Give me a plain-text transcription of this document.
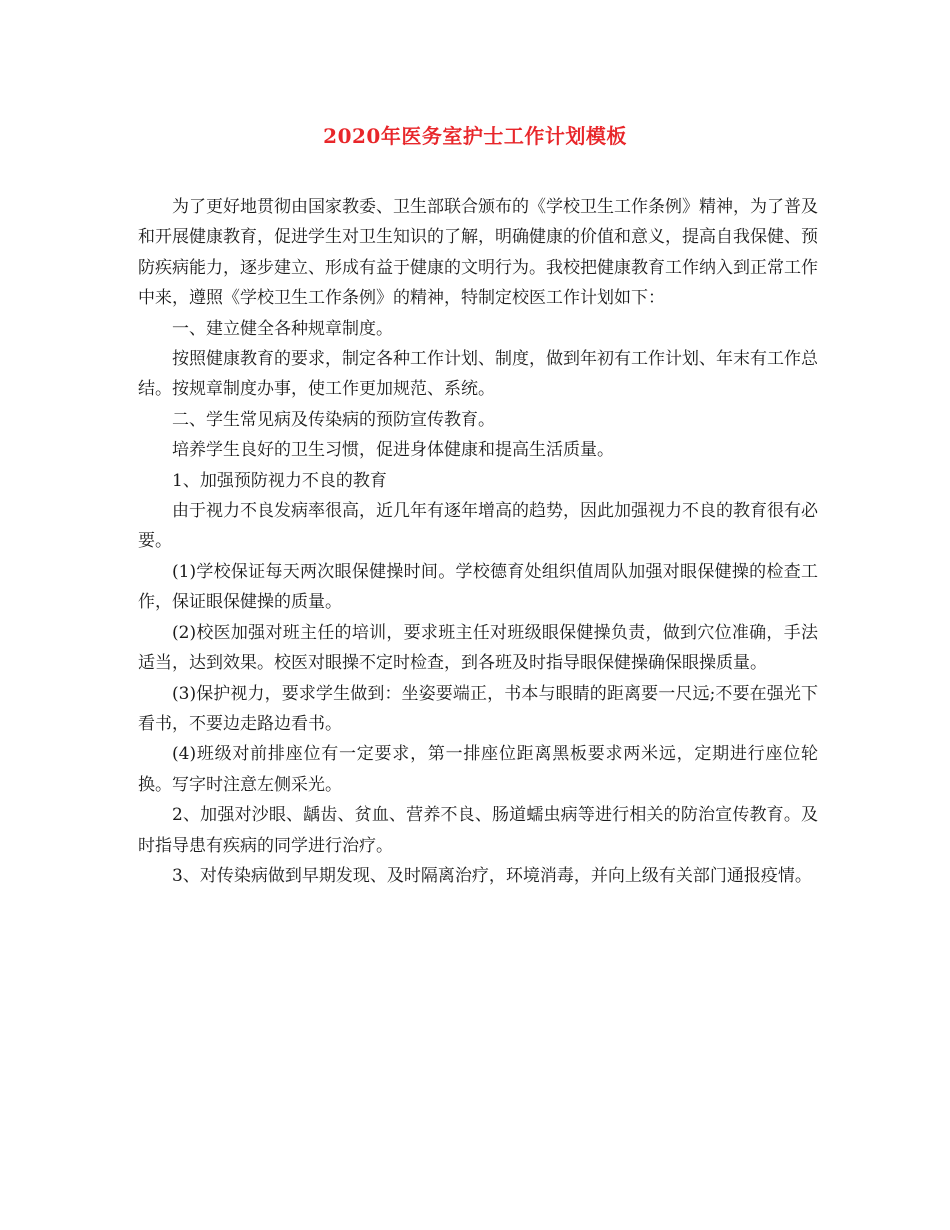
2020年医务室护士工作计划模板

为了更好地贯彻由国家教委、卫生部联合颁布的《学校卫生工作条例》精神，为了普及和开展健康教育，促进学生对卫生知识的了解，明确健康的价值和意义，提高自我保健、预防疾病能力，逐步建立、形成有益于健康的文明行为。我校把健康教育工作纳入到正常工作中来，遵照《学校卫生工作条例》的精神，特制定校医工作计划如下：

一、建立健全各种规章制度。

按照健康教育的要求，制定各种工作计划、制度，做到年初有工作计划、年末有工作总结。按规章制度办事，使工作更加规范、系统。

二、学生常见病及传染病的预防宣传教育。

培养学生良好的卫生习惯，促进身体健康和提高生活质量。

1、加强预防视力不良的教育

由于视力不良发病率很高，近几年有逐年增高的趋势，因此加强视力不良的教育很有必要。

(1)学校保证每天两次眼保健操时间。学校德育处组织值周队加强对眼保健操的检查工作，保证眼保健操的质量。

(2)校医加强对班主任的培训，要求班主任对班级眼保健操负责，做到穴位准确，手法适当，达到效果。校医对眼操不定时检查，到各班及时指导眼保健操确保眼操质量。

(3)保护视力，要求学生做到：坐姿要端正，书本与眼睛的距离要一尺远;不要在强光下看书，不要边走路边看书。

(4)班级对前排座位有一定要求，第一排座位距离黑板要求两米远，定期进行座位轮换。写字时注意左侧采光。

2、加强对沙眼、龋齿、贫血、营养不良、肠道蠕虫病等进行相关的防治宣传教育。及时指导患有疾病的同学进行治疗。

3、对传染病做到早期发现、及时隔离治疗，环境消毒，并向上级有关部门通报疫情。
